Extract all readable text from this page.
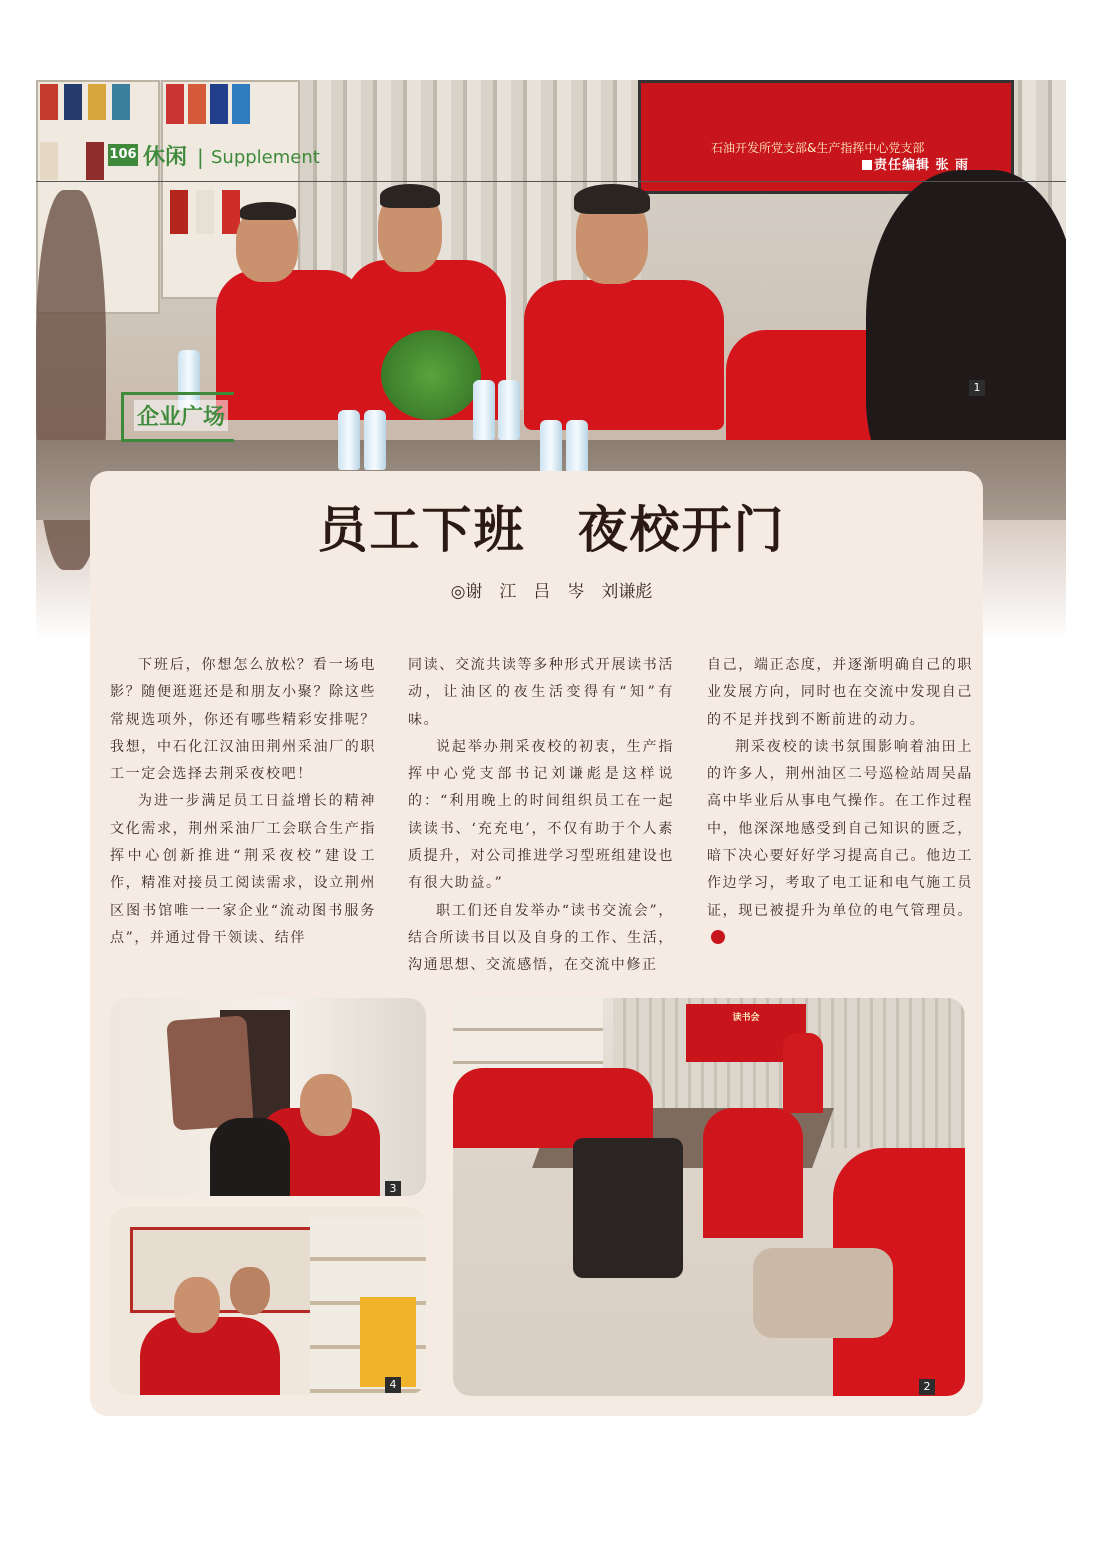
石油开发所党支部&生产指挥中心党支部
1
106 休闲 | Supplement	责任编辑 张 雨
企业广场
员工下班　夜校开门
◎谢　江　吕　岑　刘谦彪

下班后，你想怎么放松？看一场电影？随便逛逛还是和朋友小聚？除这些常规选项外，你还有哪些精彩安排呢？我想，中石化江汉油田荆州采油厂的职工一定会选择去荆采夜校吧！

为进一步满足员工日益增长的精神文化需求，荆州采油厂工会联合生产指挥中心创新推进“荆采夜校”建设工作，精准对接员工阅读需求，设立荆州区图书馆唯一一家企业“流动图书服务点”，并通过骨干领读、结伴

同读、交流共读等多种形式开展读书活动，让油区的夜生活变得有“知”有味。

说起举办荆采夜校的初衷，生产指挥中心党支部书记刘谦彪是这样说的：“利用晚上的时间组织员工在一起读读书、‘充充电’，不仅有助于个人素质提升，对公司推进学习型班组建设也有很大助益。”

职工们还自发举办“读书交流会”，结合所读书目以及自身的工作、生活，沟通思想、交流感悟，在交流中修正

自己，端正态度，并逐渐明确自己的职业发展方向，同时也在交流中发现自己的不足并找到不断前进的动力。

荆采夜校的读书氛围影响着油田上的许多人，荆州油区二号巡检站周吴晶高中毕业后从事电气操作。在工作过程中，他深深地感受到自己知识的匮乏，暗下决心要好好学习提高自己。他边工作边学习，考取了电工证和电气施工员证，现已被提升为单位的电气管理员。

3
4
读书会
2
